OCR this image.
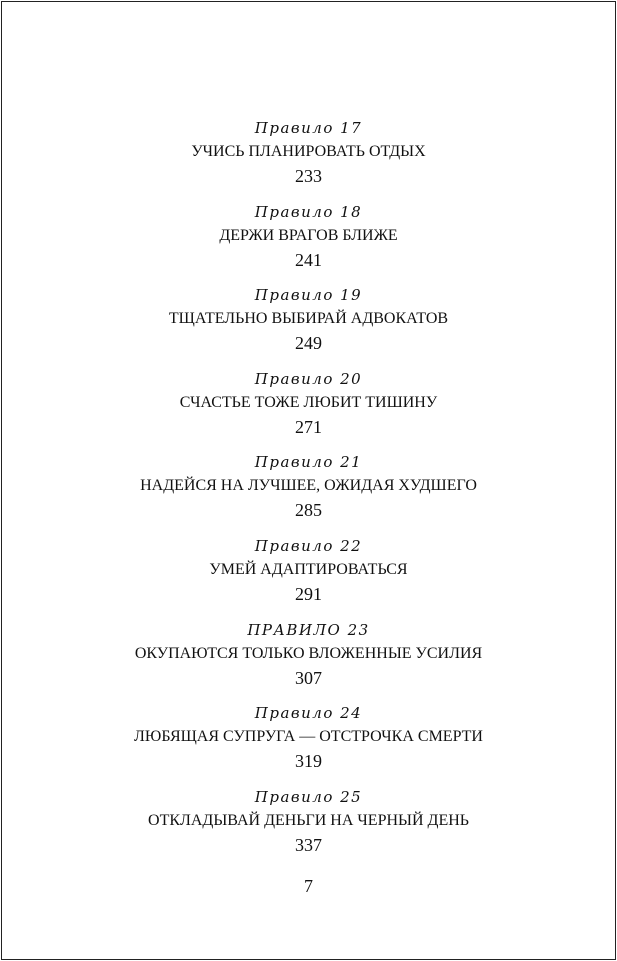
Правило 17
УЧИСЬ ПЛАНИРОВАТЬ ОТДЫХ
233
Правило 18
ДЕРЖИ ВРАГОВ БЛИЖЕ
241
Правило 19
ТЩАТЕЛЬНО ВЫБИРАЙ АДВОКАТОВ
249
Правило 20
СЧАСТЬЕ ТОЖЕ ЛЮБИТ ТИШИНУ
271
Правило 21
НАДЕЙСЯ НА ЛУЧШЕЕ, ОЖИДАЯ ХУДШЕГО
285
Правило 22
УМЕЙ АДАПТИРОВАТЬСЯ
291
ПРАВИЛО 23
ОКУПАЮТСЯ ТОЛЬКО ВЛОЖЕННЫЕ УСИЛИЯ
307
Правило 24
ЛЮБЯЩАЯ СУПРУГА — ОТСТРОЧКА СМЕРТИ
319
Правило 25
ОТКЛАДЫВАЙ ДЕНЬГИ НА ЧЕРНЫЙ ДЕНЬ
337
7
